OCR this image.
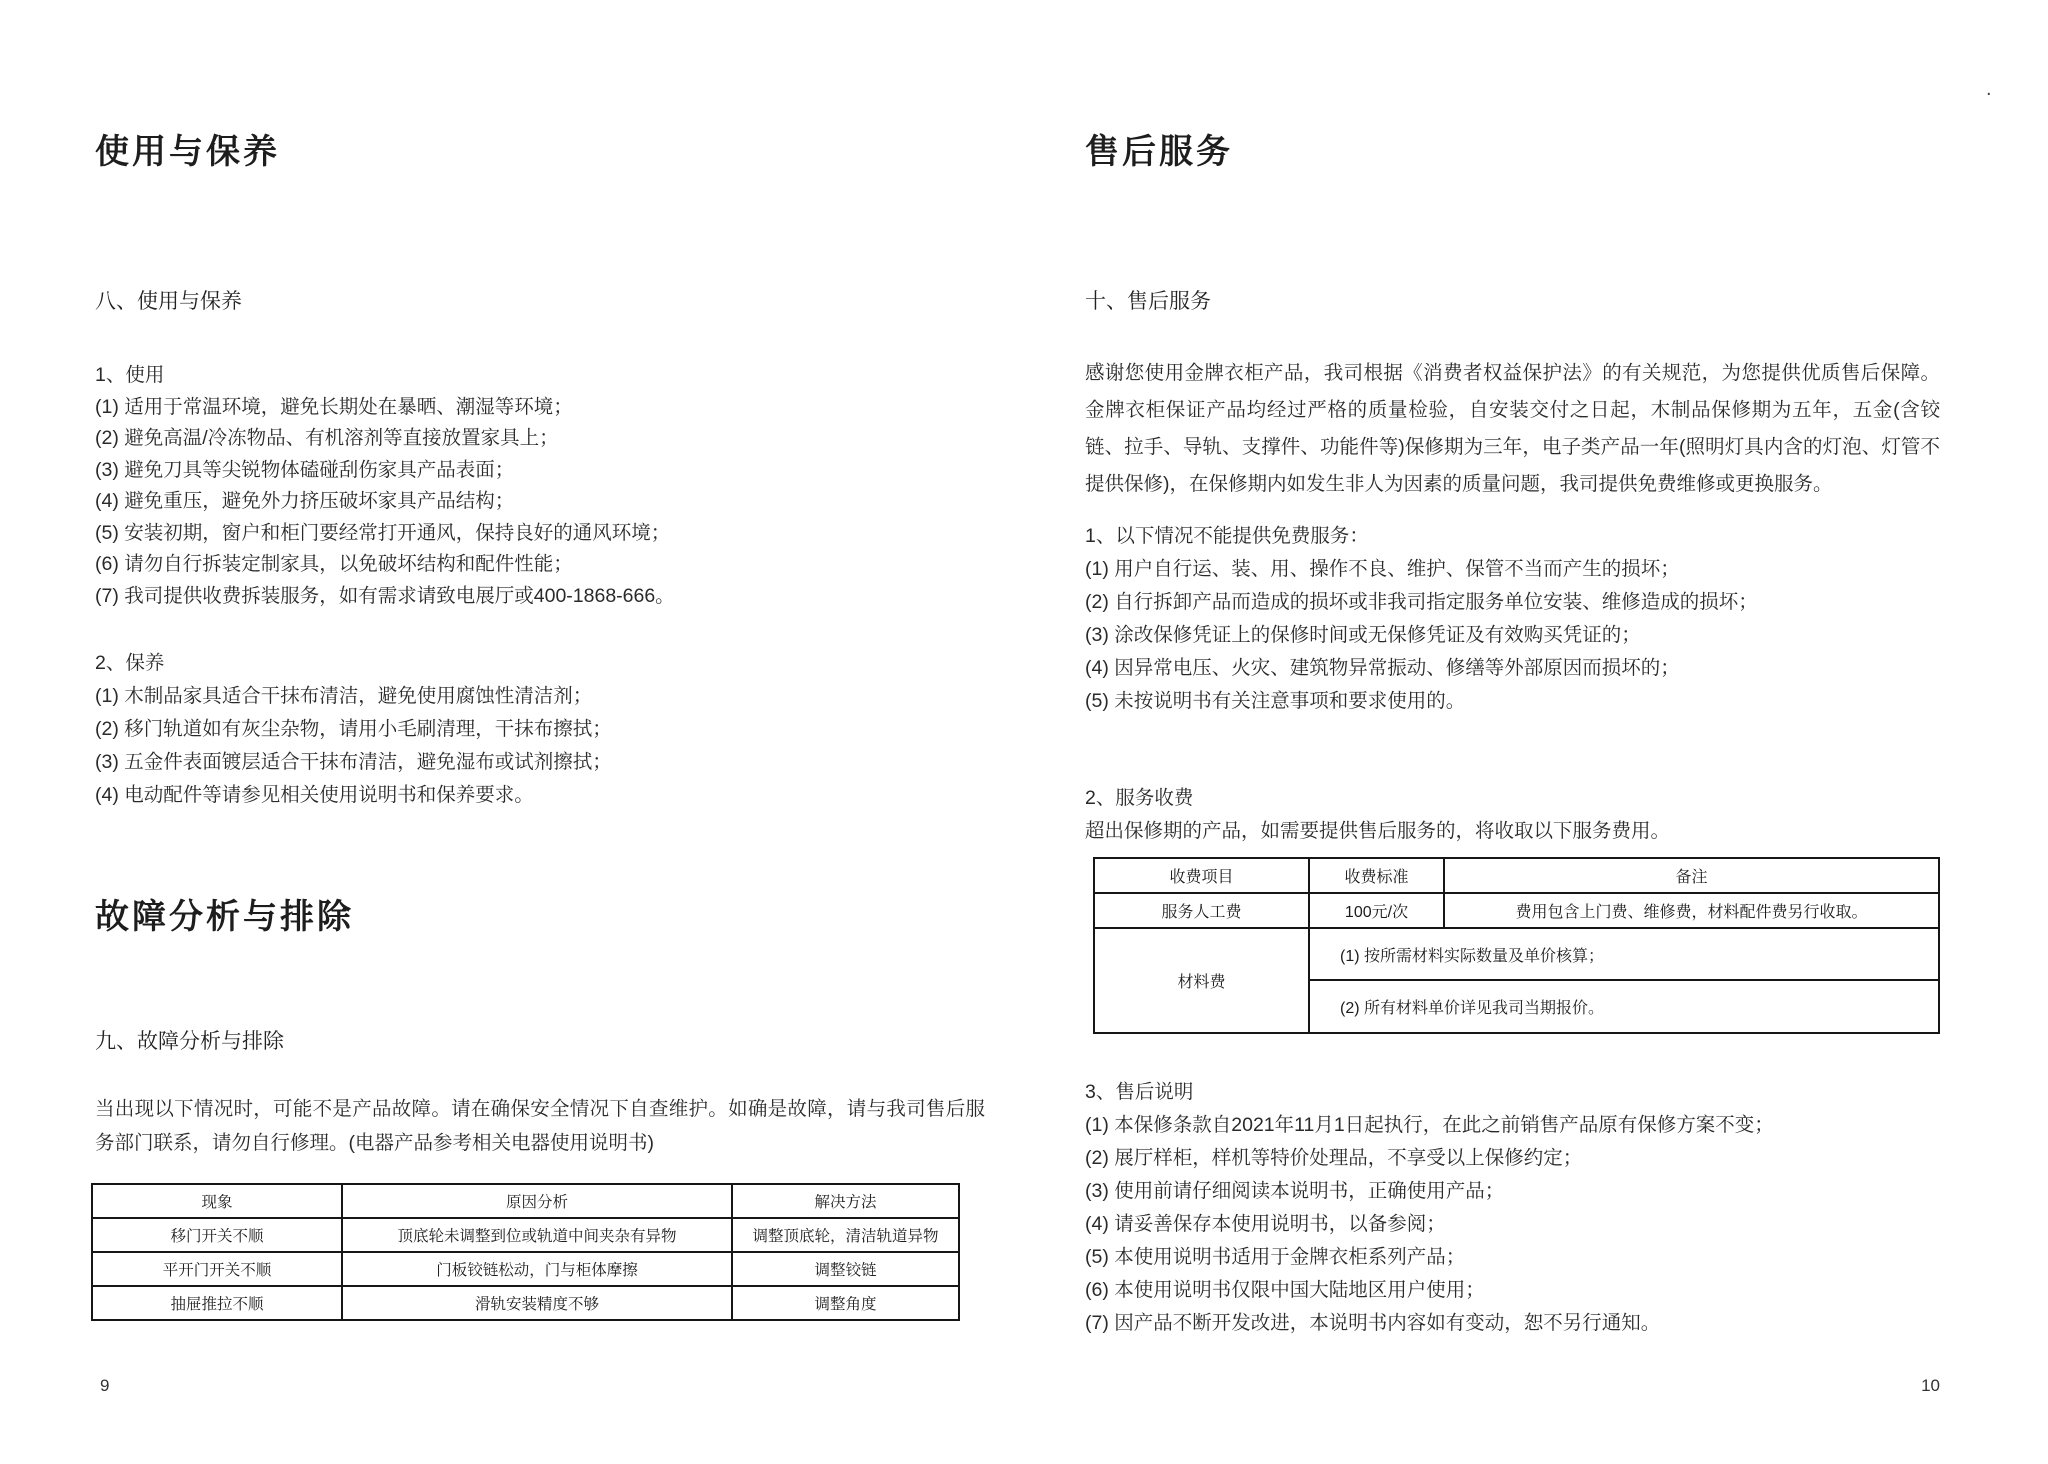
使用与保养
八、使用与保养
1、使用
(1) 适用于常温环境，避免长期处在暴晒、潮湿等环境；
(2) 避免高温/冷冻物品、有机溶剂等直接放置家具上；
(3) 避免刀具等尖锐物体磕碰刮伤家具产品表面；
(4) 避免重压，避免外力挤压破坏家具产品结构；
(5) 安装初期，窗户和柜门要经常打开通风，保持良好的通风环境；
(6) 请勿自行拆装定制家具，以免破坏结构和配件性能；
(7) 我司提供收费拆装服务，如有需求请致电展厅或400-1868-666。
2、保养
(1) 木制品家具适合干抹布清洁，避免使用腐蚀性清洁剂；
(2) 移门轨道如有灰尘杂物，请用小毛刷清理，干抹布擦拭；
(3) 五金件表面镀层适合干抹布清洁，避免湿布或试剂擦拭；
(4) 电动配件等请参见相关使用说明书和保养要求。
故障分析与排除
九、故障分析与排除
当出现以下情况时，可能不是产品故障。请在确保安全情况下自查维护。如确是故障，请与我司售后服务部门联系，请勿自行修理。(电器产品参考相关电器使用说明书)
现象	原因分析	解决方法
移门开关不顺	顶底轮未调整到位或轨道中间夹杂有异物	调整顶底轮，清洁轨道异物
平开门开关不顺	门板铰链松动，门与柜体摩擦	调整铰链
抽屉推拉不顺	滑轨安装精度不够	调整角度
9
售后服务
十、售后服务
感谢您使用金牌衣柜产品，我司根据《消费者权益保护法》的有关规范，为您提供优质售后保障。金牌衣柜保证产品均经过严格的质量检验，自安装交付之日起，木制品保修期为五年，五金(含铰链、拉手、导轨、支撑件、功能件等)保修期为三年，电子类产品一年(照明灯具内含的灯泡、灯管不提供保修)，在保修期内如发生非人为因素的质量问题，我司提供免费维修或更换服务。
1、以下情况不能提供免费服务：
(1) 用户自行运、装、用、操作不良、维护、保管不当而产生的损坏；
(2) 自行拆卸产品而造成的损坏或非我司指定服务单位安装、维修造成的损坏；
(3) 涂改保修凭证上的保修时间或无保修凭证及有效购买凭证的；
(4) 因异常电压、火灾、建筑物异常振动、修缮等外部原因而损坏的；
(5) 未按说明书有关注意事项和要求使用的。
2、服务收费
超出保修期的产品，如需要提供售后服务的，将收取以下服务费用。
收费项目	收费标准	备注
服务人工费	100元/次	费用包含上门费、维修费，材料配件费另行收取。
材料费	(1) 按所需材料实际数量及单价核算；	
	(2) 所有材料单价详见我司当期报价。	
3、售后说明
(1) 本保修条款自2021年11月1日起执行，在此之前销售产品原有保修方案不变；
(2) 展厅样柜，样机等特价处理品，不享受以上保修约定；
(3) 使用前请仔细阅读本说明书，正确使用产品；
(4) 请妥善保存本使用说明书，以备参阅；
(5) 本使用说明书适用于金牌衣柜系列产品；
(6) 本使用说明书仅限中国大陆地区用户使用；
(7) 因产品不断开发改进，本说明书内容如有变动，恕不另行通知。
10
.
